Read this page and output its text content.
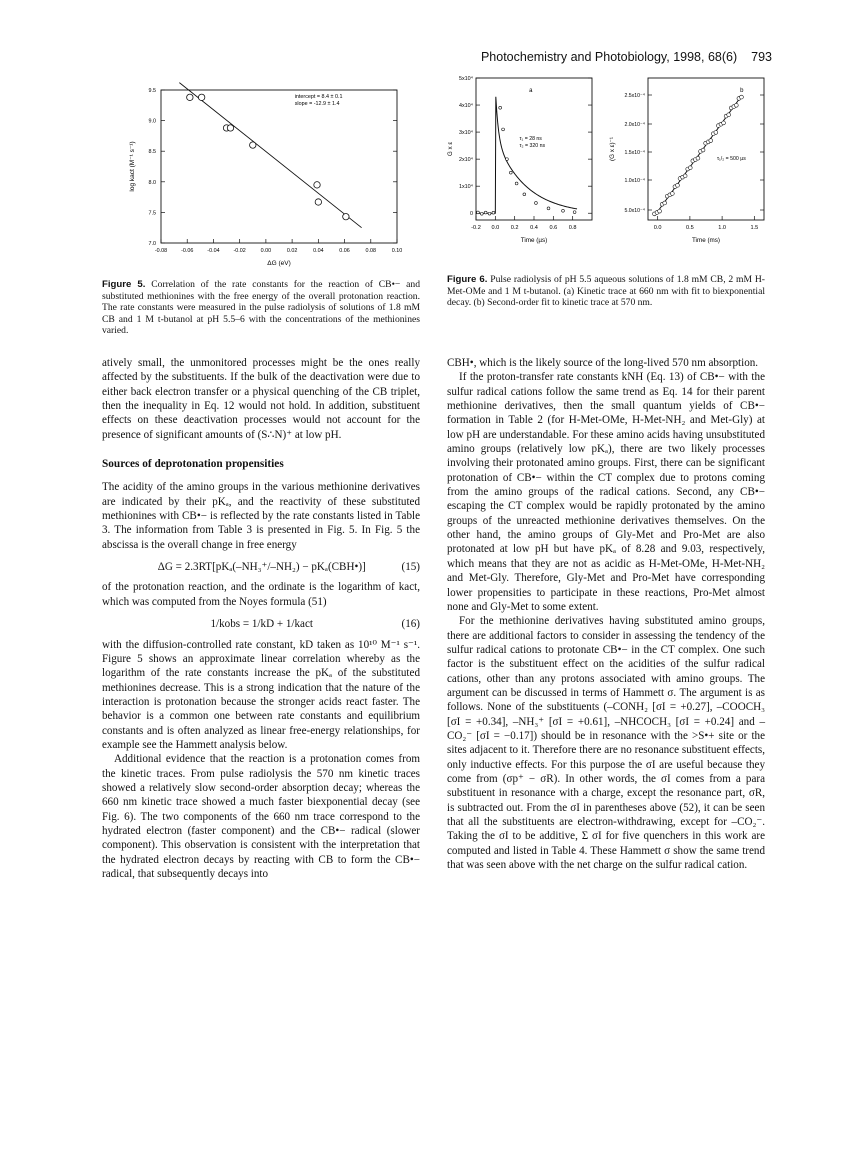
Photochemistry and Photobiology, 1998, 68(6) 793
-0.08	-0.06	-0.04	-0.02	0.00	0.02	0.04	0.06	0.08	0.10
7.0
7.5
8.0
8.5
9.0
9.5
ΔG (eV)
log kact (M⁻¹ s⁻¹)
intercept = 8.4 ± 0.1
slope = -12.9 ± 1.4
Figure 5. Correlation of the rate constants for the reaction of CB•− and substituted methionines with the free energy of the overall protonation reaction. The rate constants were measured in the pulse radiolysis of solutions of 1.8 mM CB and 1 M t-butanol at pH 5.5–6 with the concentrations of the methionines varied.
-0.2 0.0 0.2 0.4 0.6 0.8
0
1x10⁴
2x10⁴
3x10⁴
4x10⁴
5x10⁴
Time (µs)
G x ε
a
τ₁ = 28 ns
τ₂ = 320 ns
0.0	0.5	1.0	1.5
5.0x10⁻⁴
1.0x10⁻⁴
1.5x10⁻⁴
2.0x10⁻⁴
2.5x10⁻⁴
Time (ms)
(G x ε)⁻¹
b
τ₁/₂ = 500 µs
Figure 6. Pulse radiolysis of pH 5.5 aqueous solutions of 1.8 mM CB, 2 mM H-Met-OMe and 1 M t-butanol. (a) Kinetic trace at 660 nm with fit to biexponential decay. (b) Second-order fit to kinetic trace at 570 nm.

atively small, the unmonitored processes might be the ones really affected by the substituents. If the bulk of the deactivation were due to either back electron transfer or a physical quenching of the CB triplet, then the inequality in Eq. 12 would not hold. In addition, substituent effects on these deactivation processes would not account for the presence of significant amounts of (S∴N)⁺ at low pH.

Sources of deprotonation propensities

The acidity of the amino groups in the various methionine derivatives are indicated by their pKₐ, and the reactivity of these substituted methionines with CB•− is reflected by the rate constants listed in Table 3. The information from Table 3 is presented in Fig. 5. In Fig. 5 the abscissa is the overall change in free energy

ΔG = 2.3RT[pKₐ(–NH₃⁺/–NH₂) − pKₐ(CBH•)]	(15)

of the protonation reaction, and the ordinate is the logarithm of kact, which was computed from the Noyes formula (51)

1/kobs = 1/kD + 1/kact	(16)

with the diffusion-controlled rate constant, kD taken as 10¹⁰ M⁻¹ s⁻¹. Figure 5 shows an approximate linear correlation whereby as the logarithm of the rate constants increase the pKₐ of the substituted methionines decrease. This is a strong indication that the nature of the interaction is protonation because the stronger acids react faster. The behavior is a common one between rate constants and equilibrium constants and is often analyzed as linear free-energy relationships, for example see the Hammett analysis below.

Additional evidence that the reaction is a protonation comes from the kinetic traces. From pulse radiolysis the 570 nm kinetic traces showed a relatively slow second-order absorption decay; whereas the 660 nm kinetic trace showed a much faster biexponential decay (see Fig. 6). The two components of the 660 nm trace correspond to the hydrated electron (faster component) and the CB•− radical (slower component). This observation is consistent with the interpretation that the hydrated electron decays by reacting with CB to form the CB•− radical, that subsequently decays into

CBH•, which is the likely source of the long-lived 570 nm absorption.

If the proton-transfer rate constants kNH (Eq. 13) of CB•− with the sulfur radical cations follow the same trend as Eq. 14 for their parent methionine derivatives, then the small quantum yields of CB•− formation in Table 2 (for H-Met-OMe, H-Met-NH₂ and Met-Gly) at low pH are understandable. For these amino acids having unsubstituted amino groups (relatively low pKₐ), there are two likely processes involving their protonated amino groups. First, there can be significant protonation of CB•− within the CT complex due to protons coming from the amino groups of the radical cations. Second, any CB•− escaping the CT complex would be rapidly protonated by the amino groups of the unreacted methionine derivatives themselves. On the other hand, the amino groups of Gly-Met and Pro-Met are also protonated at low pH but have pKₐ of 8.28 and 9.03, respectively, which means that they are not as acidic as H-Met-OMe, H-Met-NH₂ and Met-Gly. Therefore, Gly-Met and Pro-Met have corresponding lower propensities to participate in these reactions, Pro-Met almost none and Gly-Met to some extent.

For the methionine derivatives having substituted amino groups, there are additional factors to consider in assessing the tendency of the sulfur radical cations to protonate CB•− in the CT complex. One such factor is the substituent effect on the acidities of the sulfur radical cations, other than any protons associated with amino groups. The argument can be discussed in terms of Hammett σ. The argument is as follows. None of the substituents (–CONH₂ [σI = +0.27], –COOCH₃ [σI = +0.34], –NH₃⁺ [σI = +0.61], –NHCOCH₃ [σI = +0.24] and –CO₂⁻ [σI = −0.17]) should be in resonance with the >S•+ site or the sites adjacent to it. Therefore there are no resonance substituent effects, only inductive effects. For this purpose the σI are useful because they come from (σp⁺ − σR). In other words, the σI comes from a para substituent in resonance with a charge, except the resonance part, σR, is subtracted out. From the σI in parentheses above (52), it can be seen that all the substituents are electron-withdrawing, except for –CO₂⁻. Taking the σI to be additive, Σ σI for five quenchers in this work are computed and listed in Table 4. These Hammett σ show the same trend that was seen above with the net charge on the sulfur radical cation.
